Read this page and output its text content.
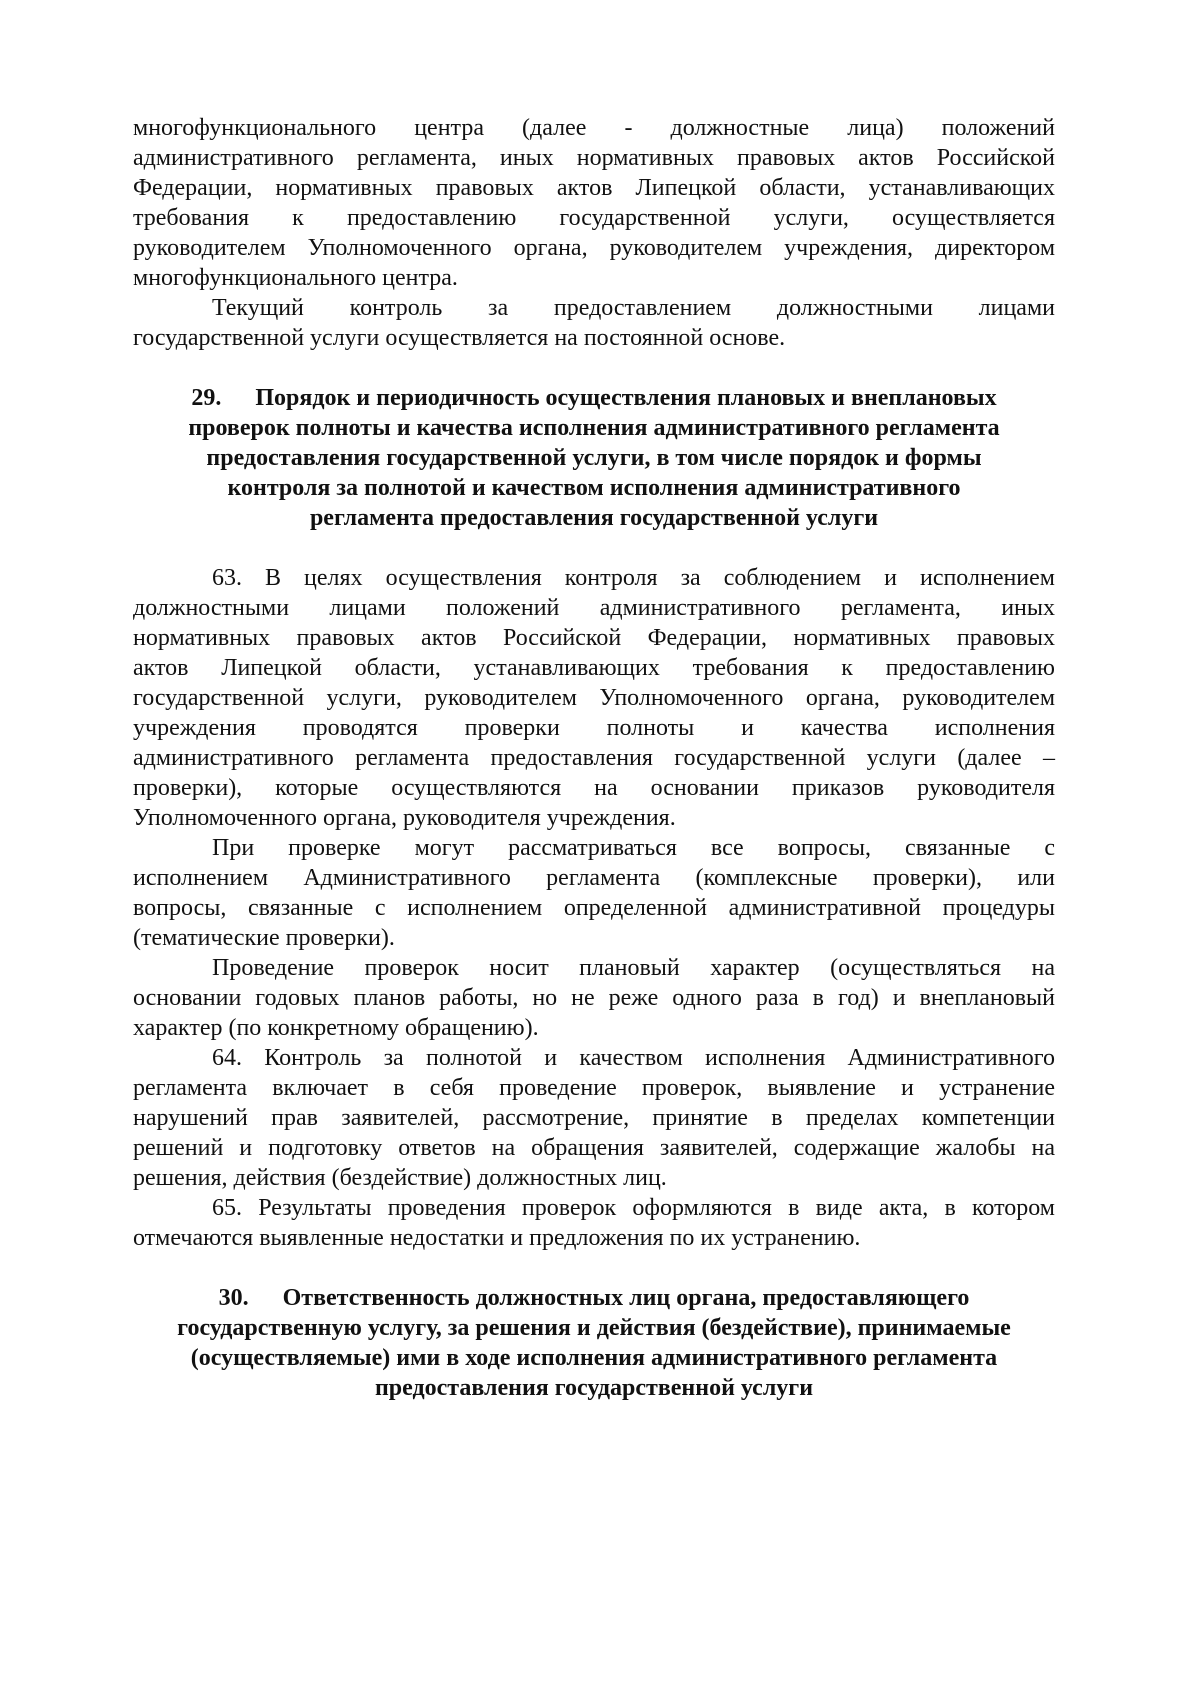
многофункционального центра (далее - должностные лица) положений
административного регламента, иных нормативных правовых актов Российской
Федерации, нормативных правовых актов Липецкой области, устанавливающих
требования к предоставлению государственной услуги, осуществляется
руководителем Уполномоченного органа, руководителем учреждения, директором
многофункционального центра.
Текущий контроль за предоставлением должностными лицами
государственной услуги осуществляется на постоянной основе.
29. Порядок и периодичность осуществления плановых и внеплановых
проверок полноты и качества исполнения административного регламента
предоставления государственной услуги, в том числе порядок и формы
контроля за полнотой и качеством исполнения административного
регламента предоставления государственной услуги
63. В целях осуществления контроля за соблюдением и исполнением
должностными лицами положений административного регламента, иных
нормативных правовых актов Российской Федерации, нормативных правовых
актов Липецкой области, устанавливающих требования к предоставлению
государственной услуги, руководителем Уполномоченного органа, руководителем
учреждения проводятся проверки полноты и качества исполнения
административного регламента предоставления государственной услуги (далее –
проверки), которые осуществляются на основании приказов руководителя
Уполномоченного органа, руководителя учреждения.
При проверке могут рассматриваться все вопросы, связанные с
исполнением Административного регламента (комплексные проверки), или
вопросы, связанные с исполнением определенной административной процедуры
(тематические проверки).
Проведение проверок носит плановый характер (осуществляться на
основании годовых планов работы, но не реже одного раза в год) и внеплановый
характер (по конкретному обращению).
64. Контроль за полнотой и качеством исполнения Административного
регламента включает в себя проведение проверок, выявление и устранение
нарушений прав заявителей, рассмотрение, принятие в пределах компетенции
решений и подготовку ответов на обращения заявителей, содержащие жалобы на
решения, действия (бездействие) должностных лиц.
65. Результаты проведения проверок оформляются в виде акта, в котором
отмечаются выявленные недостатки и предложения по их устранению.
30. Ответственность должностных лиц органа, предоставляющего
государственную услугу, за решения и действия (бездействие), принимаемые
(осуществляемые) ими в ходе исполнения административного регламента
предоставления государственной услуги
